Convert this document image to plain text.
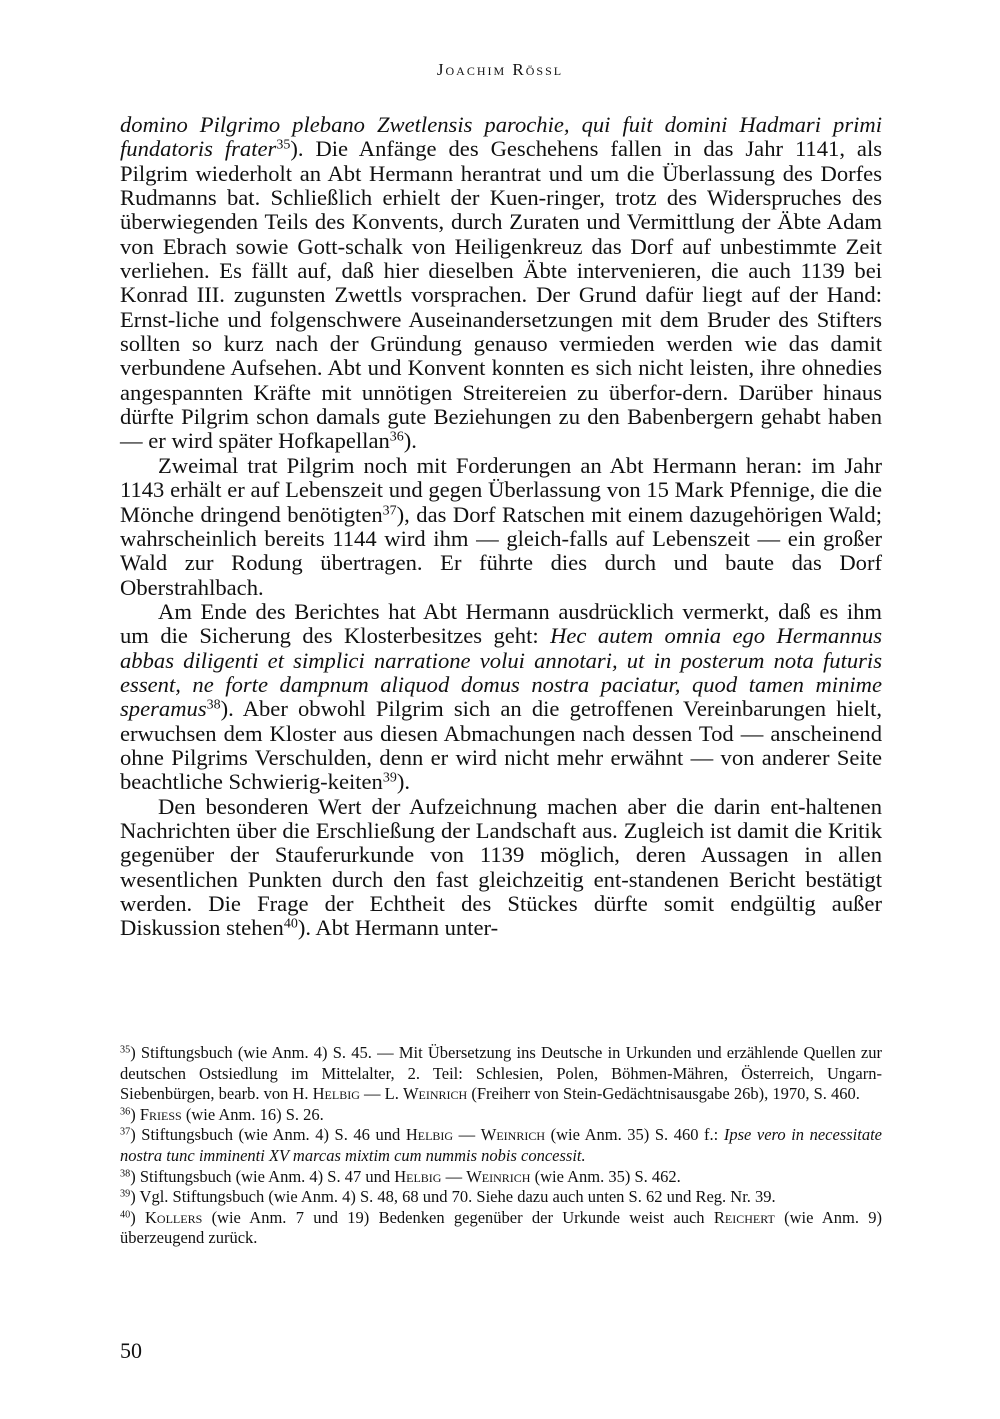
Joachim Rössl

domino Pilgrimo plebano Zwetlensis parochie, qui fuit domini Hadmari primi fundatoris frater$^{35}$). Die Anfänge des Geschehens fallen in das Jahr 1141, als Pilgrim wiederholt an Abt Hermann herantrat und um die Überlassung des Dorfes Rudmanns bat. Schließlich erhielt der Kuen-ringer, trotz des Widerspruches des überwiegenden Teils des Konvents, durch Zuraten und Vermittlung der Äbte Adam von Ebrach sowie Gott-schalk von Heiligenkreuz das Dorf auf unbestimmte Zeit verliehen. Es fällt auf, daß hier dieselben Äbte intervenieren, die auch 1139 bei Konrad III. zugunsten Zwettls vorsprachen. Der Grund dafür liegt auf der Hand: Ernst-liche und folgenschwere Auseinandersetzungen mit dem Bruder des Stifters sollten so kurz nach der Gründung genauso vermieden werden wie das damit verbundene Aufsehen. Abt und Konvent konnten es sich nicht leisten, ihre ohnedies angespannten Kräfte mit unnötigen Streitereien zu überfor-dern. Darüber hinaus dürfte Pilgrim schon damals gute Beziehungen zu den Babenbergern gehabt haben — er wird später Hofkapellan$^{36}$).

Zweimal trat Pilgrim noch mit Forderungen an Abt Hermann heran: im Jahr 1143 erhält er auf Lebenszeit und gegen Überlassung von 15 Mark Pfennige, die die Mönche dringend benötigten$^{37}$), das Dorf Ratschen mit einem dazugehörigen Wald; wahrscheinlich bereits 1144 wird ihm — gleich-falls auf Lebenszeit — ein großer Wald zur Rodung übertragen. Er führte dies durch und baute das Dorf Oberstrahlbach.

Am Ende des Berichtes hat Abt Hermann ausdrücklich vermerkt, daß es ihm um die Sicherung des Klosterbesitzes geht: Hec autem omnia ego Hermannus abbas diligenti et simplici narratione volui annotari, ut in posterum nota futuris essent, ne forte dampnum aliquod domus nostra paciatur, quod tamen minime speramus$^{38}$). Aber obwohl Pilgrim sich an die getroffenen Vereinbarungen hielt, erwuchsen dem Kloster aus diesen Abmachungen nach dessen Tod — anscheinend ohne Pilgrims Verschulden, denn er wird nicht mehr erwähnt — von anderer Seite beachtliche Schwierig-keiten$^{39}$).

Den besonderen Wert der Aufzeichnung machen aber die darin ent-haltenen Nachrichten über die Erschließung der Landschaft aus. Zugleich ist damit die Kritik gegenüber der Stauferurkunde von 1139 möglich, deren Aussagen in allen wesentlichen Punkten durch den fast gleichzeitig ent-standenen Bericht bestätigt werden. Die Frage der Echtheit des Stückes dürfte somit endgültig außer Diskussion stehen$^{40}$). Abt Hermann unter-

$^{35}$) Stiftungsbuch (wie Anm. 4) S. 45. — Mit Übersetzung ins Deutsche in Urkunden und erzählende Quellen zur deutschen Ostsiedlung im Mittelalter, 2. Teil: Schlesien, Polen, Böhmen-Mähren, Österreich, Ungarn-Siebenbürgen, bearb. von H. Helbig — L. Weinrich (Freiherr von Stein-Gedächtnisausgabe 26b), 1970, S. 460.

$^{36}$) Friess (wie Anm. 16) S. 26.

$^{37}$) Stiftungsbuch (wie Anm. 4) S. 46 und Helbig — Weinrich (wie Anm. 35) S. 460 f.: Ipse vero in necessitate nostra tunc imminenti XV marcas mixtim cum nummis nobis concessit.

$^{38}$) Stiftungsbuch (wie Anm. 4) S. 47 und Helbig — Weinrich (wie Anm. 35) S. 462.

$^{39}$) Vgl. Stiftungsbuch (wie Anm. 4) S. 48, 68 und 70. Siehe dazu auch unten S. 62 und Reg. Nr. 39.

$^{40}$) Kollers (wie Anm. 7 und 19) Bedenken gegenüber der Urkunde weist auch Reichert (wie Anm. 9) überzeugend zurück.

50
